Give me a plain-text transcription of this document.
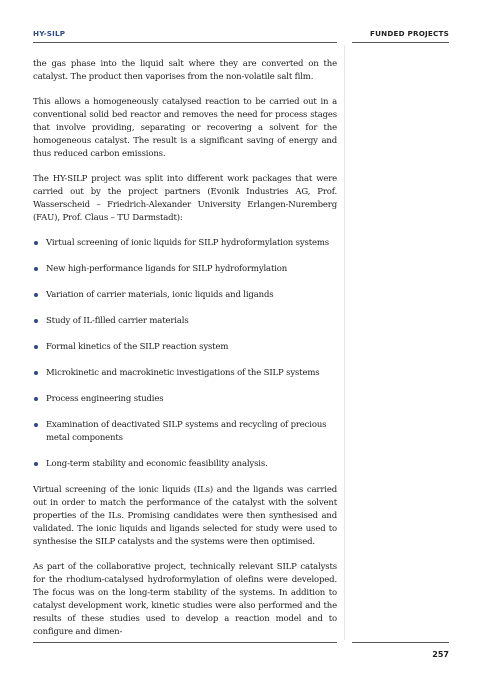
HY-SILP	FUNDED PROJECTS

the gas phase into the liquid salt where they are converted on the catalyst. The product then vaporises from the non-volatile salt film.

This allows a homogeneously catalysed reaction to be carried out in a conventional solid bed reactor and removes the need for process stages that involve providing, separating or recovering a solvent for the homogeneous catalyst. The result is a significant saving of energy and thus reduced carbon emissions.

The HY-SILP project was split into different work packages that were carried out by the project partners (Evonik Industries AG, Prof. Wasserscheid – Friedrich-Alexander University Erlangen-Nuremberg (FAU), Prof. Claus – TU Darmstadt):

Virtual screening of ionic liquids for SILP hydroformylation systems
New high-performance ligands for SILP hydroformylation
Variation of carrier materials, ionic liquids and ligands
Study of IL-filled carrier materials
Formal kinetics of the SILP reaction system
Microkinetic and macrokinetic investigations of the SILP systems
Process engineering studies
Examination of deactivated SILP systems and recycling of precious metal components
Long-term stability and economic feasibility analysis.

Virtual screening of the ionic liquids (ILs) and the ligands was carried out in order to match the performance of the catalyst with the solvent properties of the ILs. Promising candidates were then synthesised and validated. The ionic liquids and ligands selected for study were used to synthesise the SILP catalysts and the systems were then optimised.

As part of the collaborative project, technically relevant SILP catalysts for the rhodium-catalysed hydroformylation of olefins were developed. The focus was on the long-term stability of the systems. In addition to catalyst development work, kinetic studies were also performed and the results of these studies used to develop a reaction model and to configure and dimen-

257
